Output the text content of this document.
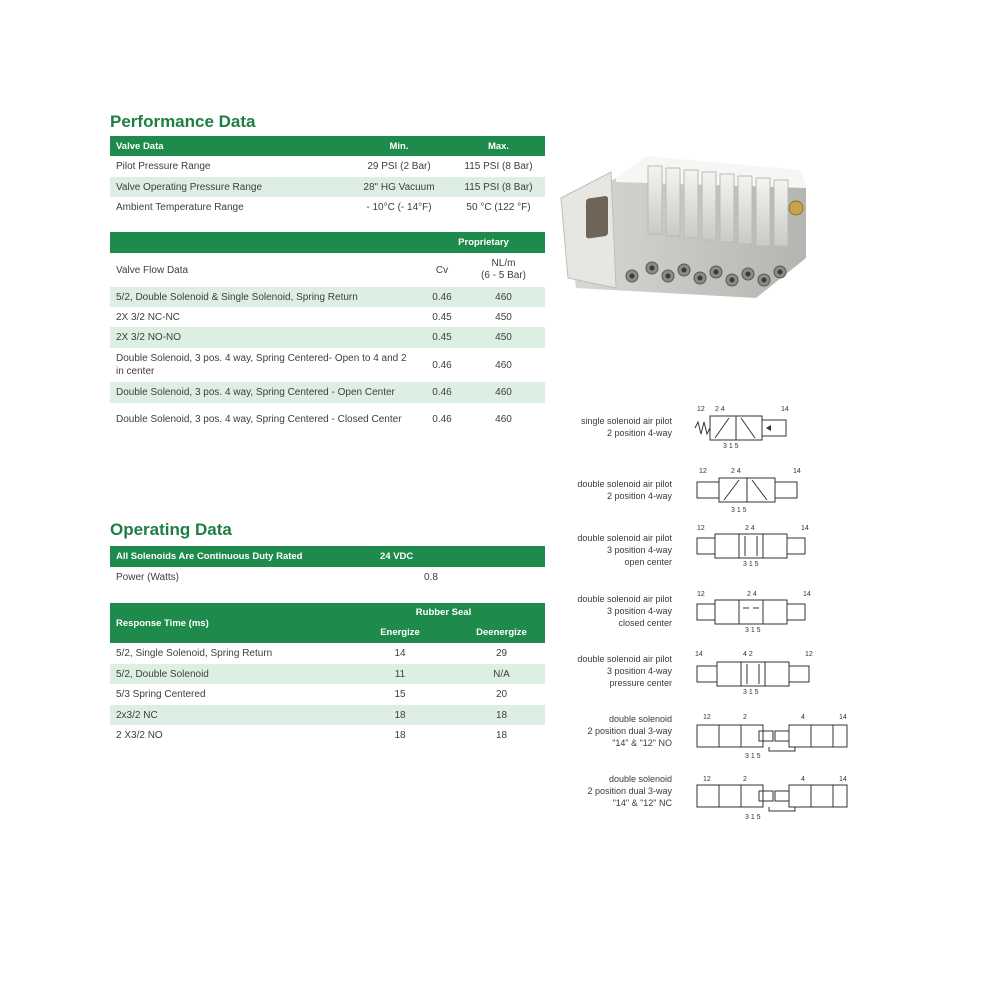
Performance Data
Valve Data	Min.	Max.
Pilot Pressure Range	29 PSI (2 Bar)	115 PSI (8 Bar)
Valve Operating Pressure Range	28" HG Vacuum	115 PSI (8 Bar)
Ambient Temperature Range	- 10°C (- 14°F)	50 °C (122 °F)
	Proprietary	
Valve Flow Data	Cv	NL/m
(6 - 5 Bar)
5/2, Double Solenoid & Single Solenoid, Spring Return	0.46	460
2X 3/2 NC-NC	0.45	450
2X 3/2 NO-NO	0.45	450
Double Solenoid, 3 pos. 4 way, Spring Centered- Open to 4 and 2 in center	0.46	460
Double Solenoid, 3 pos. 4 way, Spring Centered - Open Center	0.46	460
Double Solenoid, 3 pos. 4 way, Spring Centered - Closed Center	0.46	460
Operating Data
All Solenoids Are Continuous Duty Rated	24 VDC
Power (Watts)	0.8
Response Time (ms)	Rubber Seal	
	Energize	Deenergize
5/2, Single Solenoid, Spring Return	14	29
5/2, Double Solenoid	11	N/A
5/3 Spring Centered	15	20
2x3/2 NC	18	18
2 X3/2 NO	18	18
single solenoid air pilot
2 position 4-way
12 2 4	14
3 1 5
double solenoid air pilot
2 position 4-way
12	2 4	14
3 1 5
double solenoid air pilot
3 position 4-way
open center
12	2 4	14
3 1 5
double solenoid air pilot
3 position 4-way
closed center
12	2 4	14
3 1 5
double solenoid air pilot
3 position 4-way
pressure center
14	4 2	12
3 1 5
double solenoid
2 position dual 3-way
"14" & "12" NO
12	2	4	14
3 1 5
double solenoid
2 position dual 3-way
"14" & "12" NC
12	2	4	14
3 1 5
